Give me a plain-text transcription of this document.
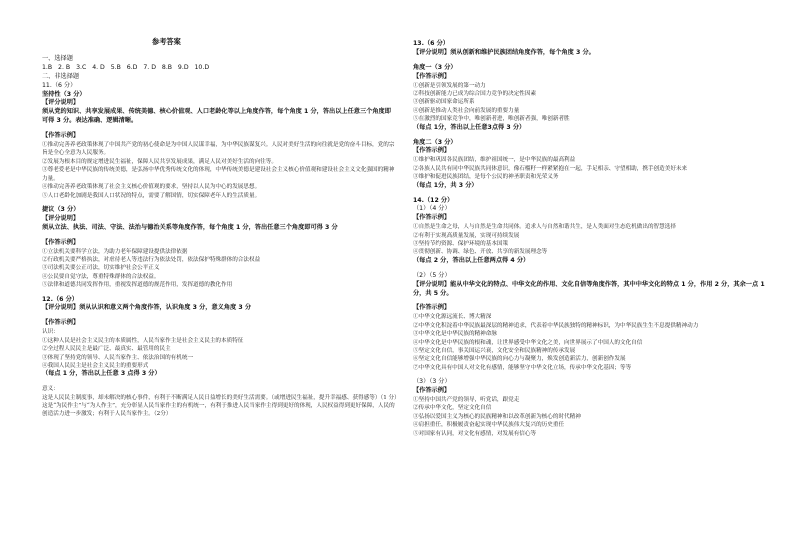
参考答案
一、选择题
1.B   2. B   3.C   4. D   5.B   6.D   7. D   8.B   9.D   10.D
二、非选择题
11.（6 分）
坚持性（3 分）
【评分说明】
须从党的知识、共享发展成果、传统美德、核心价值观、人口老龄化等以上角度作答，每个角度 1 分，答出以上任意三个角度即可得 3 分。表达准确、逻辑清晰。
【作答示例】
①推动完善养老政策体现了中国共产党的初心使命是为中国人民谋幸福，为中华民族谋复兴。人民对美好生活的向往就是党的奋斗目标，党的宗旨是全心全意为人民服务。
②发展为根本目的规定增进民生福祉，保障人民共享发展成果，满足人民对美好生活的向往等。
③尊老爱老是中华民族的传统美德，是弘扬中华优秀传统文化的体现，中华传统美德是建设社会主义核心价值观和建设社会主义文化强国的精神力量。
④推动完善养老政策体现了社会主义核心价值观的要求，坚持以人民为中心的发展思想。
⑤人口老龄化加剧是我国人口状况的特点，需要了解国情，切实保障老年人的生活质量。
捷议（3 分）
【评分说明】
须从立法、执法、司法、守法、法治与德治关系等角度作答，每个角度 1 分，答出任意三个角度即可得 3 分
【作答示例】
①立法机关要科学立法，为助力老年保障建设提供法律依据
②行政机关要严格执法，对虐待老人等违法行为依法处罚，依法保护特殊群体的合法权益
③司法机关要公正司法，切实维护社会公平正义
④公民要自觉守法，尊重特殊群体的合法权益。
⑤法律和道德共同发挥作用，重视发挥道德的规范作用，发挥道德的教化作用
12.（6 分）
【评分说明】须从认识和意义两个角度作答，认识角度 3 分，意义角度 3 分
【作答示例】
认识：
①这种人民是社会主义民主的本质属性，人民当家作主是社会主义民主的本质特征
②全过程人民民主是最广泛、最真实、最管用的民主
③体现了坚持党的领导、人民当家作主、依法治国的有机统一
④我国人民民主是社会主义民主的重要形式
（每点 1 分，答出以上任意 3 点得 3 分）
意义：
这是人民民主制度事，却未解决的核心事件，有利于不断满足人民日益增长的美好生活需要。（或增进民生福祉，提升幸福感、获得感等）（1 分）
这是“为民作主”与“为人作主”，充分彰显人民当家作主的有机统一，有利于推进人民当家作主得到更好的体现，人民权益得到更好保障，人民的创造活力进一步激发；有利于人民当家作主。（2分）
13.（6 分）
【评分说明】须从创新和维护民族团结角度作答，每个角度 3 分。
角度一（3 分）
【作答示例】
①创新是引领发展的第一动力
②科技创新能力已成为综合国力竞争的决定性因素
③创新驱动国家命运所系
④创新是推动人类社会向前发展的重要力量
⑤在激烈的国家竞争中，唯创新者进，唯创新者强，唯创新者胜
（每点 1分，答出以上任意3点得 3 分）
角度二（3 分）
【作答示例】
①维护和巩固各民族团结，维护祖国统一，是中华民族的最高利益
②各族人民共有同中华民族共同体意识，像石榴籽一样紧紧抱在一起，手足相亲、守望相助，携手创造美好未来
③维护和促进民族团结，是每个公民的神圣职责和光荣义务
（每点 1分，共 3 分）
14.（12 分）
（1）（4 分）
【作答示例】
①自然是生命之母，人与自然是生命共同体。追求人与自然和谐共生，是人类面对生态危机做出的智慧选择
②有利于实现高质量发展，实现可持续发展
③坚持节约资源、保护环境的基本国策
④贯彻创新、协调、绿色、开放、共享的新发展理念等
（每点 2 分，答出以上任意两点得 4 分）
（2）（5 分）
【评分说明】能从中华文化的特点、中华文化的作用、文化自信等角度作答，其中中华文化的特点 1 分，作用 2 分，其余一点 1 分，共 5 分。
【作答示例】
①中华文化源远流长、博大精深
②中华文化积淀着中华民族最深层的精神追求，代表着中华民族独特的精神标识，为中华民族生生不息提供精神动力
③中华文化是中华民族的精神命脉
④中华文化是中华民族的根和魂，让世界感受中华文化之美，向世界展示了中国人的文化自信
⑤坚定文化自信，事关国运兴衰，文化安全和民族精神的传承发展
⑥坚定文化自信能够增强中华民族的向心力与凝聚力，焕发创造新活力，创新创作发展
⑦中华文化具有中国人对文化有感情，能够坚守中华文化立场，传承中华文化基因；等等
（3）（3 分）
【作答示例】
①坚持中国共产党的领导，听党话，跟党走
②传承中华文化，坚定文化自信
③弘扬以爱国主义为核心的民族精神和以改革创新为核心的时代精神
④肩担重任，积极履责奋起实现中华民族伟大复兴的历史重任
⑤对国家有认同，对文化有感情，对发展有信心等
